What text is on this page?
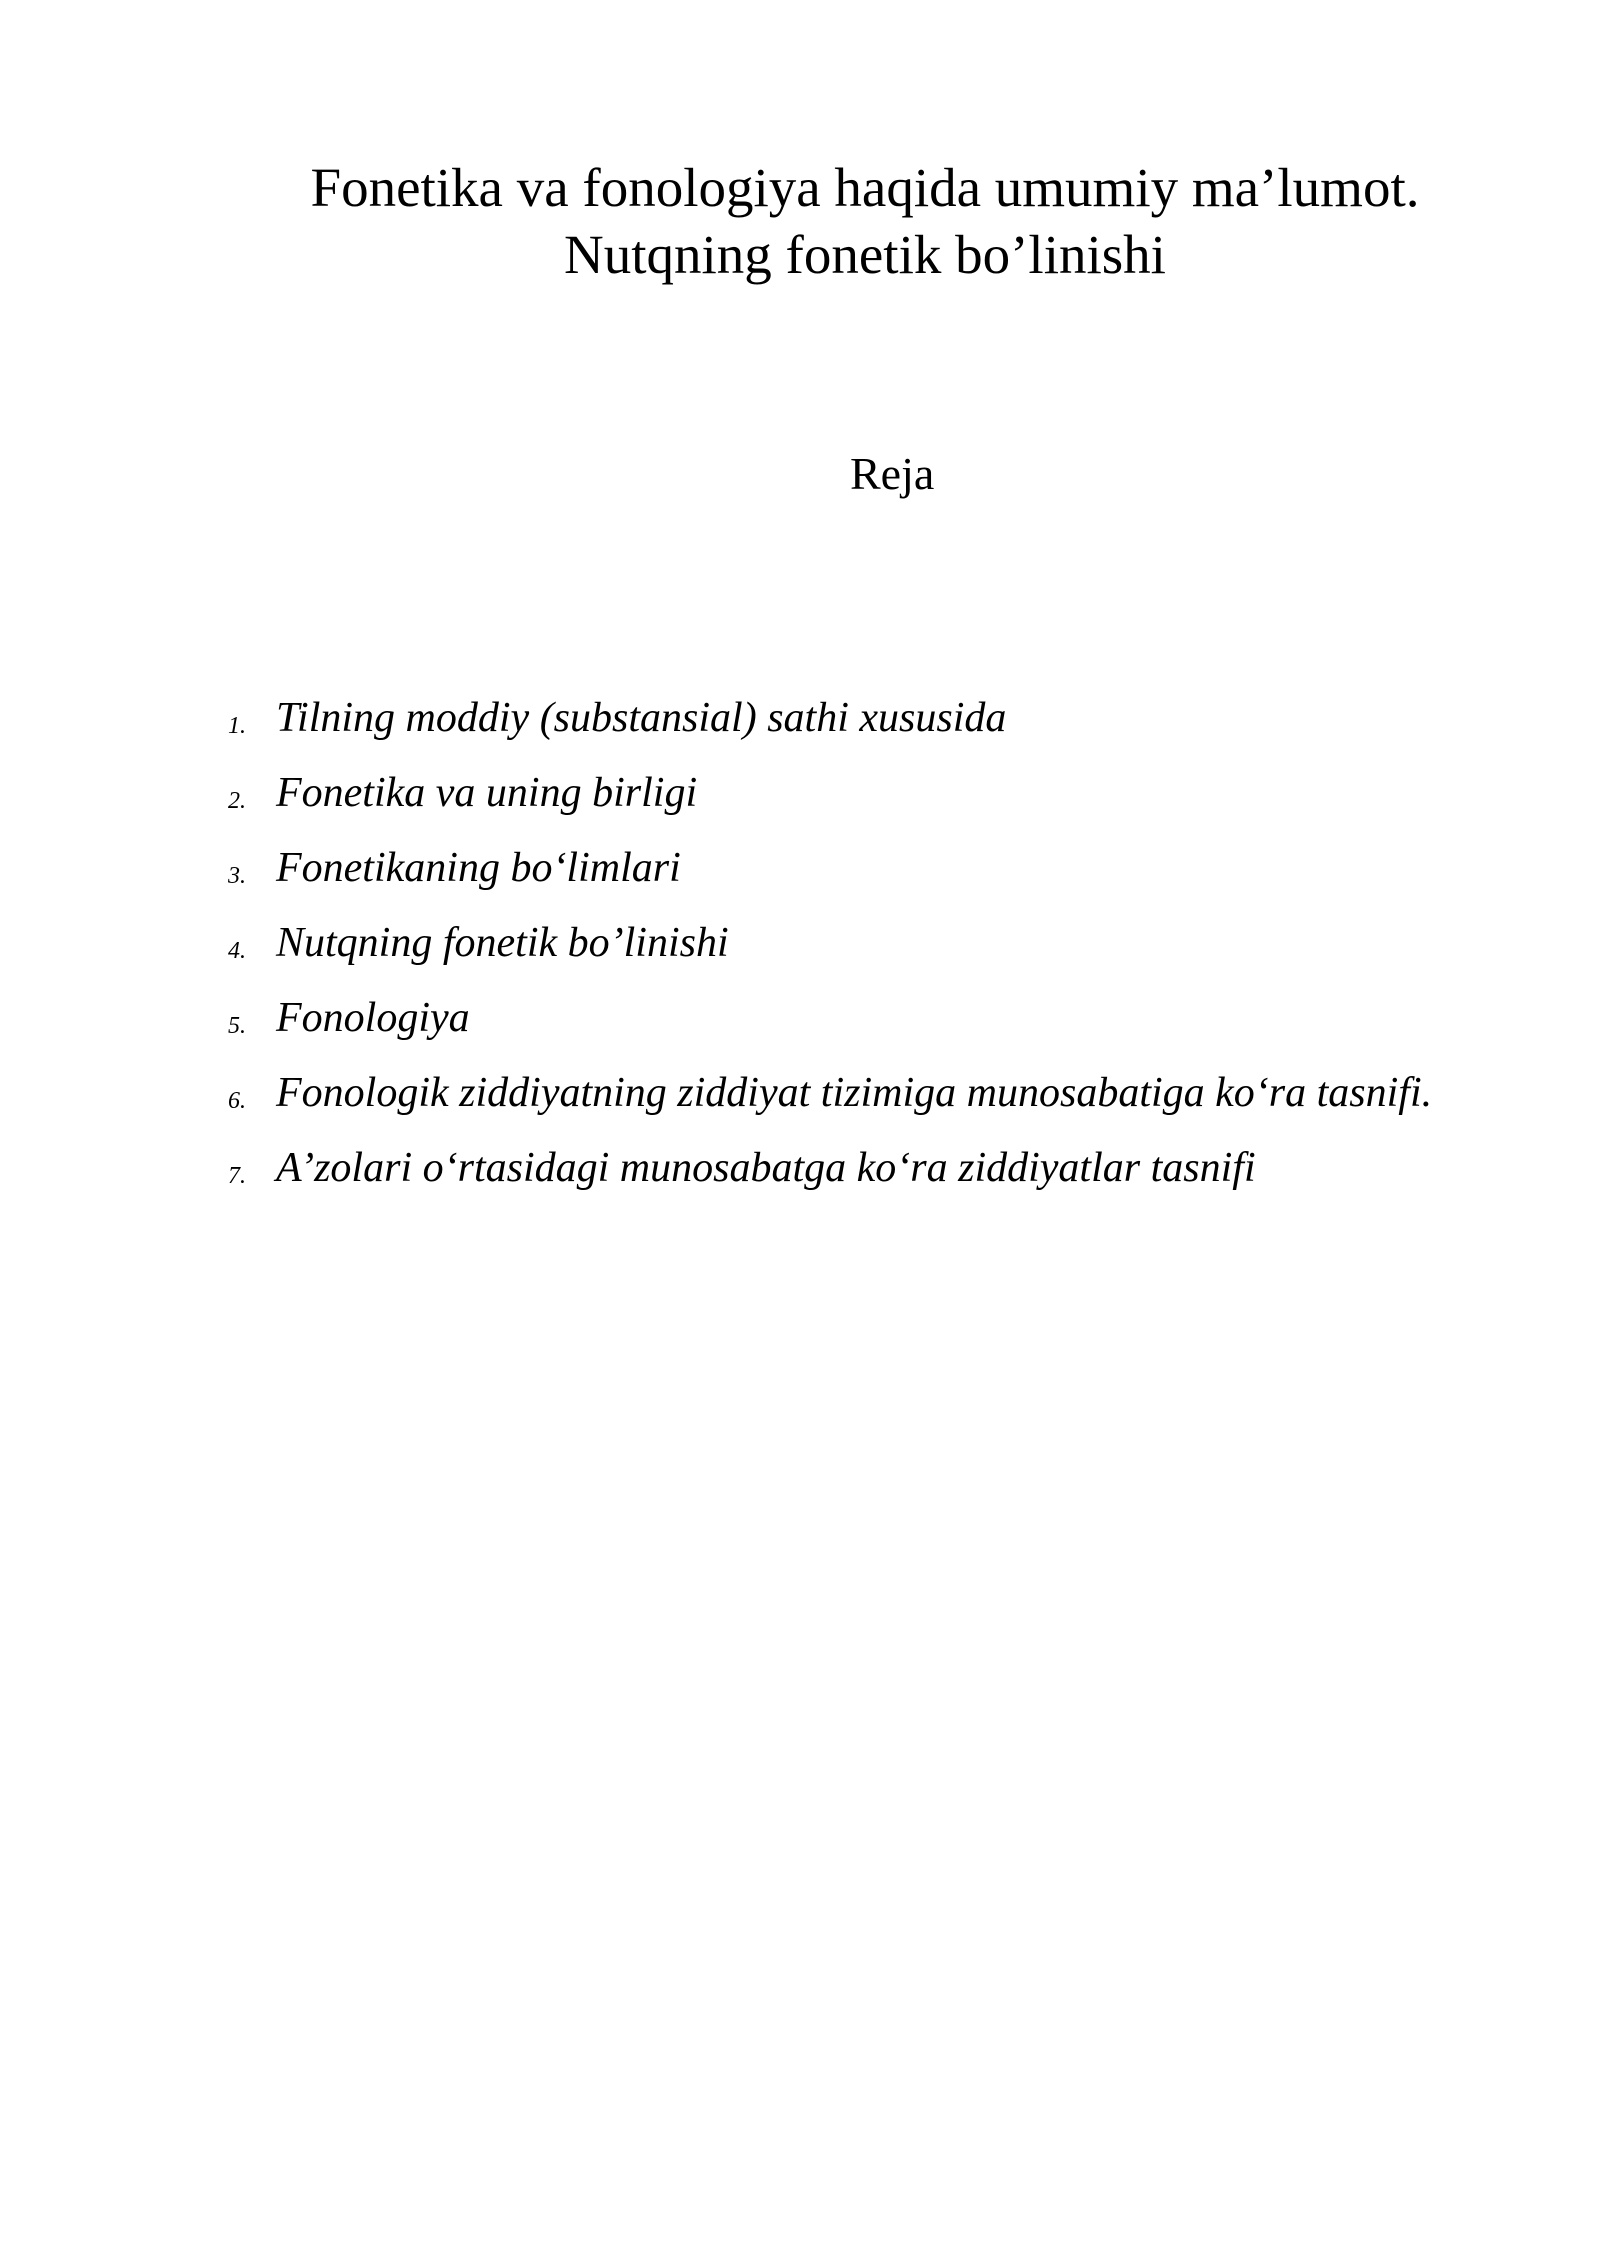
Fonetika va fonologiya haqida umumiy ma’lumot.
Nutqning fonetik bo’linishi
Reja
1. Tilning moddiy (substansial) sathi xususida
2. Fonetika va uning birligi
3. Fonetikaning bo‘limlari
4. Nutqning fonetik bo’linishi
5. Fonologiya
6. Fonologik ziddiyatning ziddiyat tizimiga munosabatiga ko‘ra tasnifi.
7. A’zolari o‘rtasidagi munosabatga ko‘ra ziddiyatlar tasnifi
